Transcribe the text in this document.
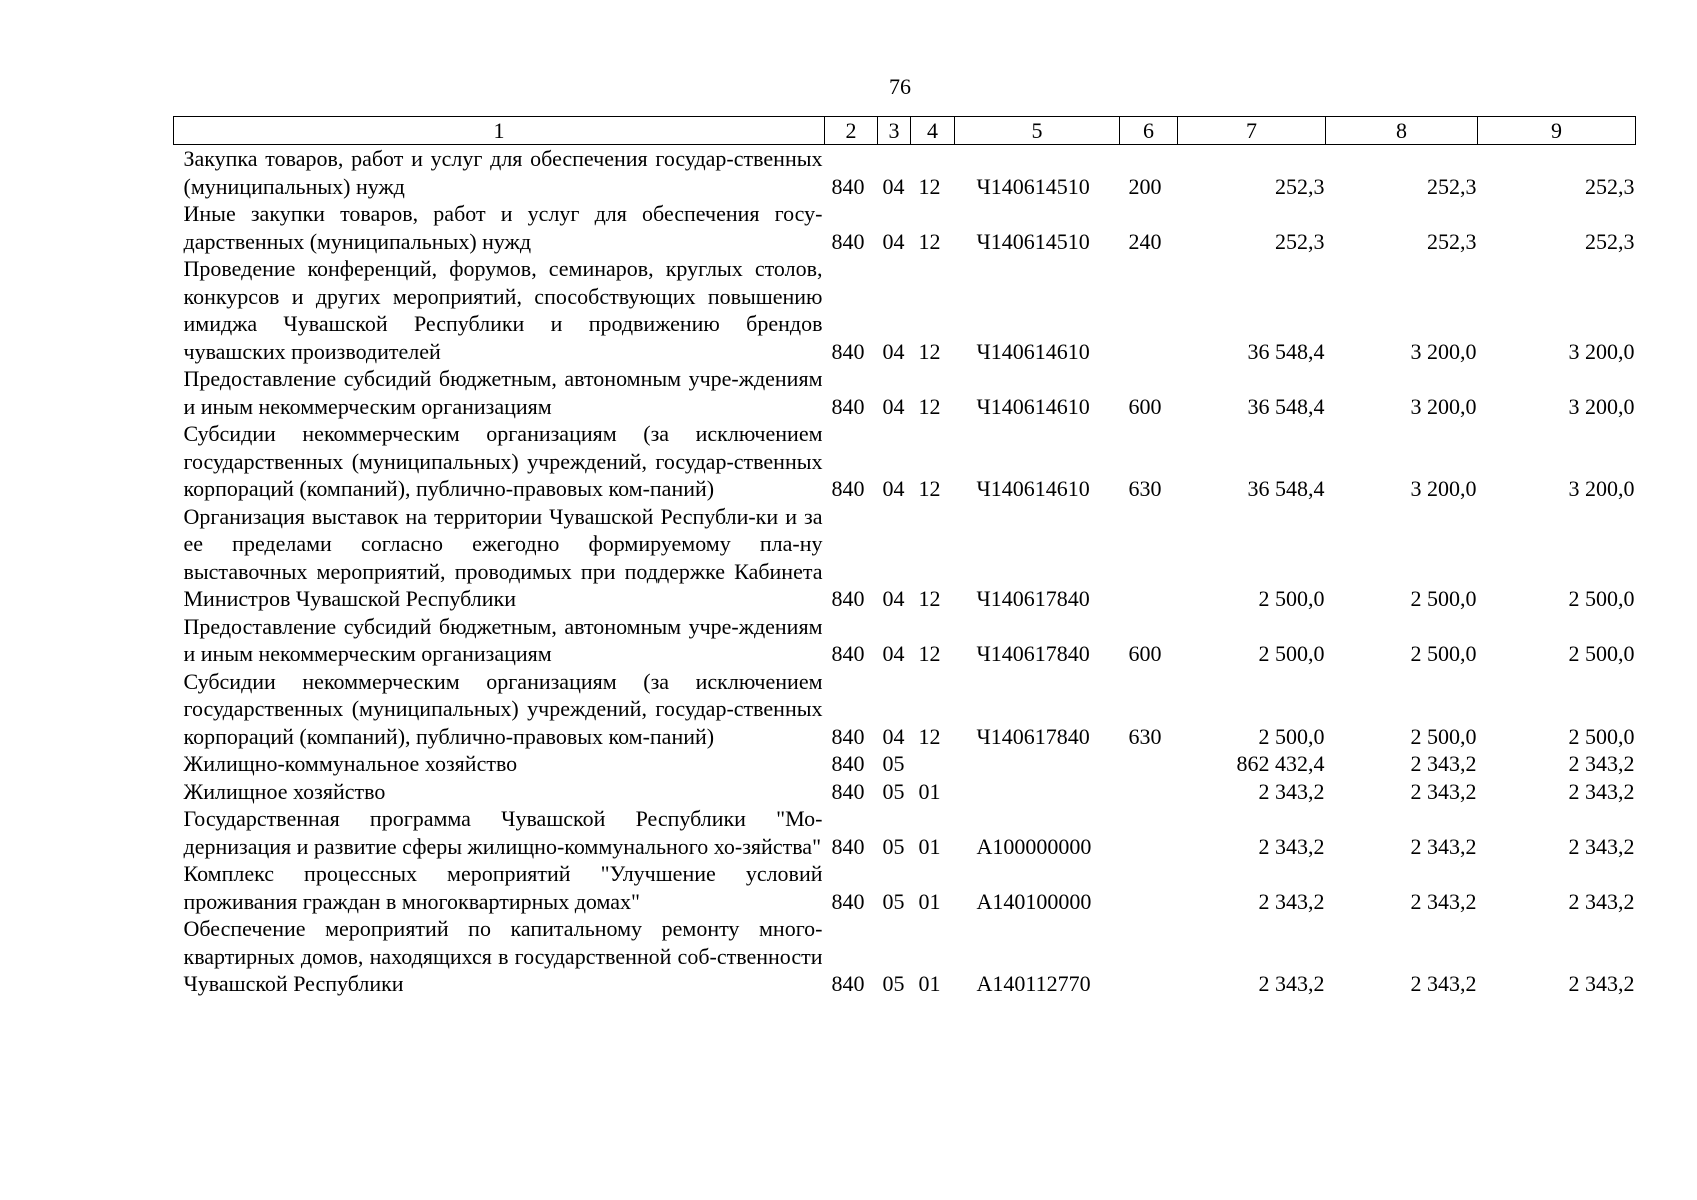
76
1	2	3	4	5	6	7	8	9
Закупка товаров, работ и услуг для обеспечения государ-ственных (муниципальных) нужд	840	04	12	Ч140614510	200	252,3	252,3	252,3
Иные закупки товаров, работ и услуг для обеспечения госу-дарственных (муниципальных) нужд	840	04	12	Ч140614510	240	252,3	252,3	252,3
Проведение конференций, форумов, семинаров, круглых столов, конкурсов и других мероприятий, способствующих повышению имиджа Чувашской Республики и продвижению брендов чувашских производителей	840	04	12	Ч140614610		36 548,4	3 200,0	3 200,0
Предоставление субсидий бюджетным, автономным учре-ждениям и иным некоммерческим организациям	840	04	12	Ч140614610	600	36 548,4	3 200,0	3 200,0
Субсидии некоммерческим организациям (за исключением государственных (муниципальных) учреждений, государ-ственных корпораций (компаний), публично-правовых ком-паний)	840	04	12	Ч140614610	630	36 548,4	3 200,0	3 200,0
Организация выставок на территории Чувашской Республи-ки и за ее пределами согласно ежегодно формируемому пла-ну выставочных мероприятий, проводимых при поддержке Кабинета Министров Чувашской Республики	840	04	12	Ч140617840		2 500,0	2 500,0	2 500,0
Предоставление субсидий бюджетным, автономным учре-ждениям и иным некоммерческим организациям	840	04	12	Ч140617840	600	2 500,0	2 500,0	2 500,0
Субсидии некоммерческим организациям (за исключением государственных (муниципальных) учреждений, государ-ственных корпораций (компаний), публично-правовых ком-паний)	840	04	12	Ч140617840	630	2 500,0	2 500,0	2 500,0
Жилищно-коммунальное хозяйство	840	05				862 432,4	2 343,2	2 343,2
Жилищное хозяйство	840	05	01			2 343,2	2 343,2	2 343,2
Государственная программа Чувашской Республики "Мо-дернизация и развитие сферы жилищно-коммунального хо-зяйства"	840	05	01	А100000000		2 343,2	2 343,2	2 343,2
Комплекс процессных мероприятий "Улучшение условий проживания граждан в многоквартирных домах"	840	05	01	А140100000		2 343,2	2 343,2	2 343,2
Обеспечение мероприятий по капитальному ремонту много-квартирных домов, находящихся в государственной соб-ственности Чувашской Республики	840	05	01	А140112770		2 343,2	2 343,2	2 343,2
